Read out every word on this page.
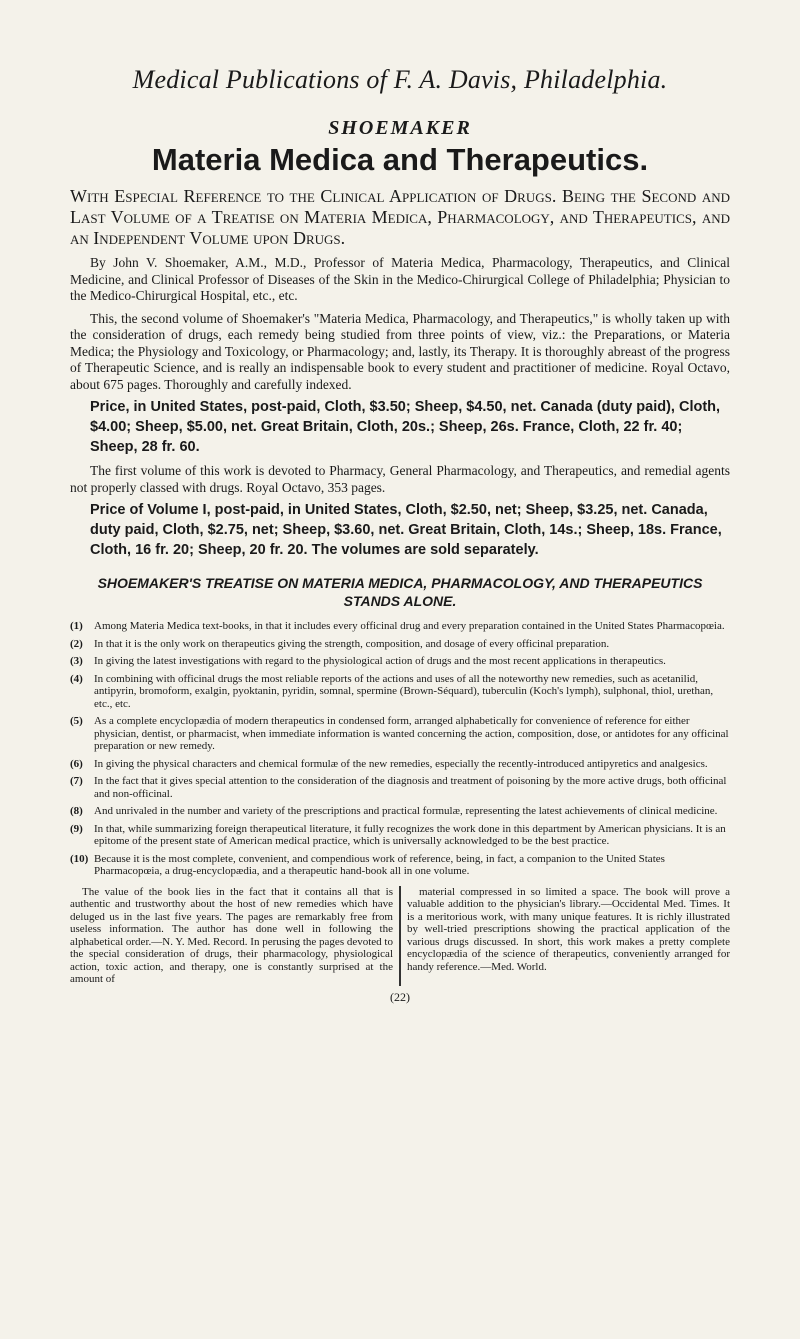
Medical Publications of F. A. Davis, Philadelphia.
SHOEMAKER
Materia Medica and Therapeutics.
With Especial Reference to the Clinical Application of Drugs. Being the Second and Last Volume of a Treatise on Materia Medica, Pharmacology, and Therapeutics, and an Independent Volume upon Drugs.

By John V. Shoemaker, A.M., M.D., Professor of Materia Medica, Pharmacology, Therapeutics, and Clinical Medicine, and Clinical Professor of Diseases of the Skin in the Medico-Chirurgical College of Philadelphia; Physician to the Medico-Chirurgical Hospital, etc., etc.

This, the second volume of Shoemaker's "Materia Medica, Pharmacology, and Therapeutics," is wholly taken up with the consideration of drugs, each remedy being studied from three points of view, viz.: the Preparations, or Materia Medica; the Physiology and Toxicology, or Pharmacology; and, lastly, its Therapy. It is thoroughly abreast of the progress of Therapeutic Science, and is really an indispensable book to every student and practitioner of medicine. Royal Octavo, about 675 pages. Thoroughly and carefully indexed.

Price, in United States, post-paid, Cloth, $3.50; Sheep, $4.50, net. Canada (duty paid), Cloth, $4.00; Sheep, $5.00, net. Great Britain, Cloth, 20s.; Sheep, 26s. France, Cloth, 22 fr. 40; Sheep, 28 fr. 60.

The first volume of this work is devoted to Pharmacy, General Pharmacology, and Therapeutics, and remedial agents not properly classed with drugs. Royal Octavo, 353 pages.

Price of Volume I, post-paid, in United States, Cloth, $2.50, net; Sheep, $3.25, net. Canada, duty paid, Cloth, $2.75, net; Sheep, $3.60, net. Great Britain, Cloth, 14s.; Sheep, 18s. France, Cloth, 16 fr. 20; Sheep, 20 fr. 20. The volumes are sold separately.
SHOEMAKER'S TREATISE ON MATERIA MEDICA, PHARMACOLOGY, AND THERAPEUTICS STANDS ALONE.
(1)	Among Materia Medica text-books, in that it includes every officinal drug and every preparation contained in the United States Pharmacopœia.
(2)	In that it is the only work on therapeutics giving the strength, composition, and dosage of every officinal preparation.
(3)	In giving the latest investigations with regard to the physiological action of drugs and the most recent applications in therapeutics.
(4)	In combining with officinal drugs the most reliable reports of the actions and uses of all the noteworthy new remedies, such as acetanilid, antipyrin, bromoform, exalgin, pyoktanin, pyridin, somnal, spermine (Brown-Séquard), tuberculin (Koch's lymph), sulphonal, thiol, urethan, etc., etc.
(5)	As a complete encyclopædia of modern therapeutics in condensed form, arranged alphabetically for convenience of reference for either physician, dentist, or pharmacist, when immediate information is wanted concerning the action, composition, dose, or antidotes for any officinal preparation or new remedy.
(6)	In giving the physical characters and chemical formulæ of the new remedies, especially the recently-introduced antipyretics and analgesics.
(7)	In the fact that it gives special attention to the consideration of the diagnosis and treatment of poisoning by the more active drugs, both officinal and non-officinal.
(8)	And unrivaled in the number and variety of the prescriptions and practical formulæ, representing the latest achievements of clinical medicine.
(9)	In that, while summarizing foreign therapeutical literature, it fully recognizes the work done in this department by American physicians. It is an epitome of the present state of American medical practice, which is universally acknowledged to be the best practice.
(10) Because it is the most complete, convenient, and compendious work of reference, being, in fact, a companion to the United States Pharmacopœia, a drug-encyclopædia, and a therapeutic hand-book all in one volume.

The value of the book lies in the fact that it contains all that is authentic and trustworthy about the host of new remedies which have deluged us in the last five years. The pages are remarkably free from useless information. The author has done well in following the alphabetical order.—N. Y. Med. Record. In perusing the pages devoted to the special consideration of drugs, their pharmacology, physiological action, toxic action, and therapy, one is constantly surprised at the amount of

material compressed in so limited a space. The book will prove a valuable addition to the physician's library.—Occidental Med. Times. It is a meritorious work, with many unique features. It is richly illustrated by well-tried prescriptions showing the practical application of the various drugs discussed. In short, this work makes a pretty complete encyclopædia of the science of therapeutics, conveniently arranged for handy reference.—Med. World.

(22)
